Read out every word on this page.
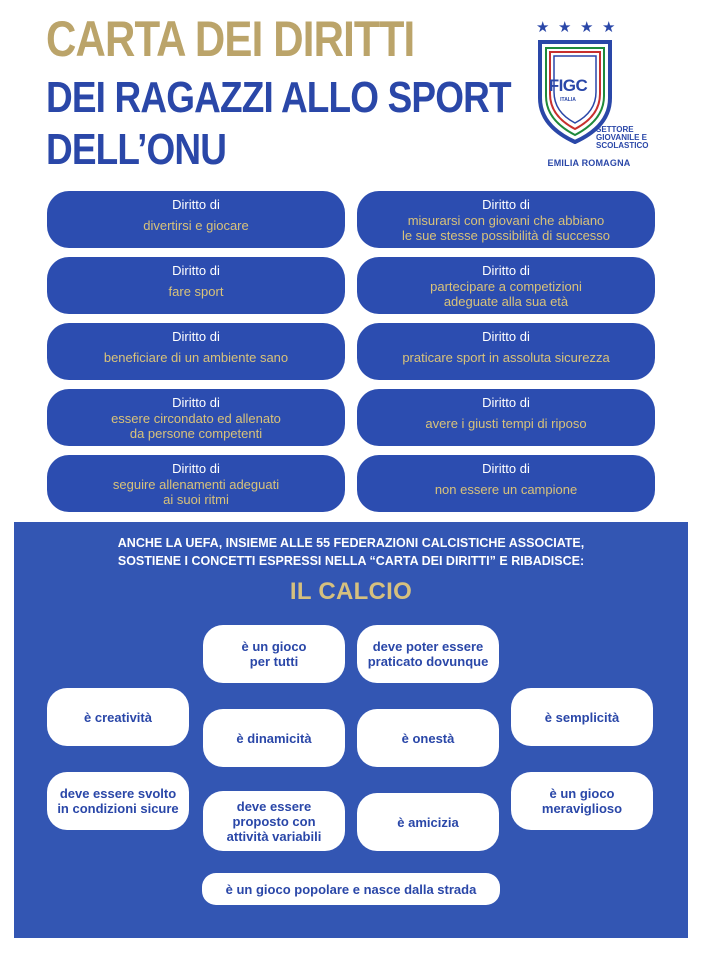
CARTA DEI DIRITTI
DEI RAGAZZI ALLO SPORT
DELL’ONU
★ ★ ★ ★
FIGC
ITALIA
SETTORE
GIOVANILE E
SCOLASTICO
EMILIA ROMAGNA
Diritto di
divertirsi e giocare
Diritto di
misurarsi con giovani che abbiano
le sue stesse possibilità di successo
Diritto di
fare sport
Diritto di
partecipare a competizioni
adeguate alla sua età
Diritto di
beneficiare di un ambiente sano
Diritto di
praticare sport in assoluta sicurezza
Diritto di
essere circondato ed allenato
da persone competenti
Diritto di
avere i giusti tempi di riposo
Diritto di
seguire allenamenti adeguati
ai suoi ritmi
Diritto di
non essere un campione
ANCHE LA UEFA, INSIEME ALLE 55 FEDERAZIONI CALCISTICHE ASSOCIATE,
SOSTIENE I CONCETTI ESPRESSI NELLA “CARTA DEI DIRITTI” E RIBADISCE:
IL CALCIO
è un gioco
per tutti
deve poter essere
praticato dovunque
è creatività
è dinamicità	è onestà
è semplicità
deve essere svolto
in condizioni sicure	deve essere
proposto con
attività variabili
è amicizia
è un gioco
meraviglioso
è un gioco popolare e nasce dalla strada
